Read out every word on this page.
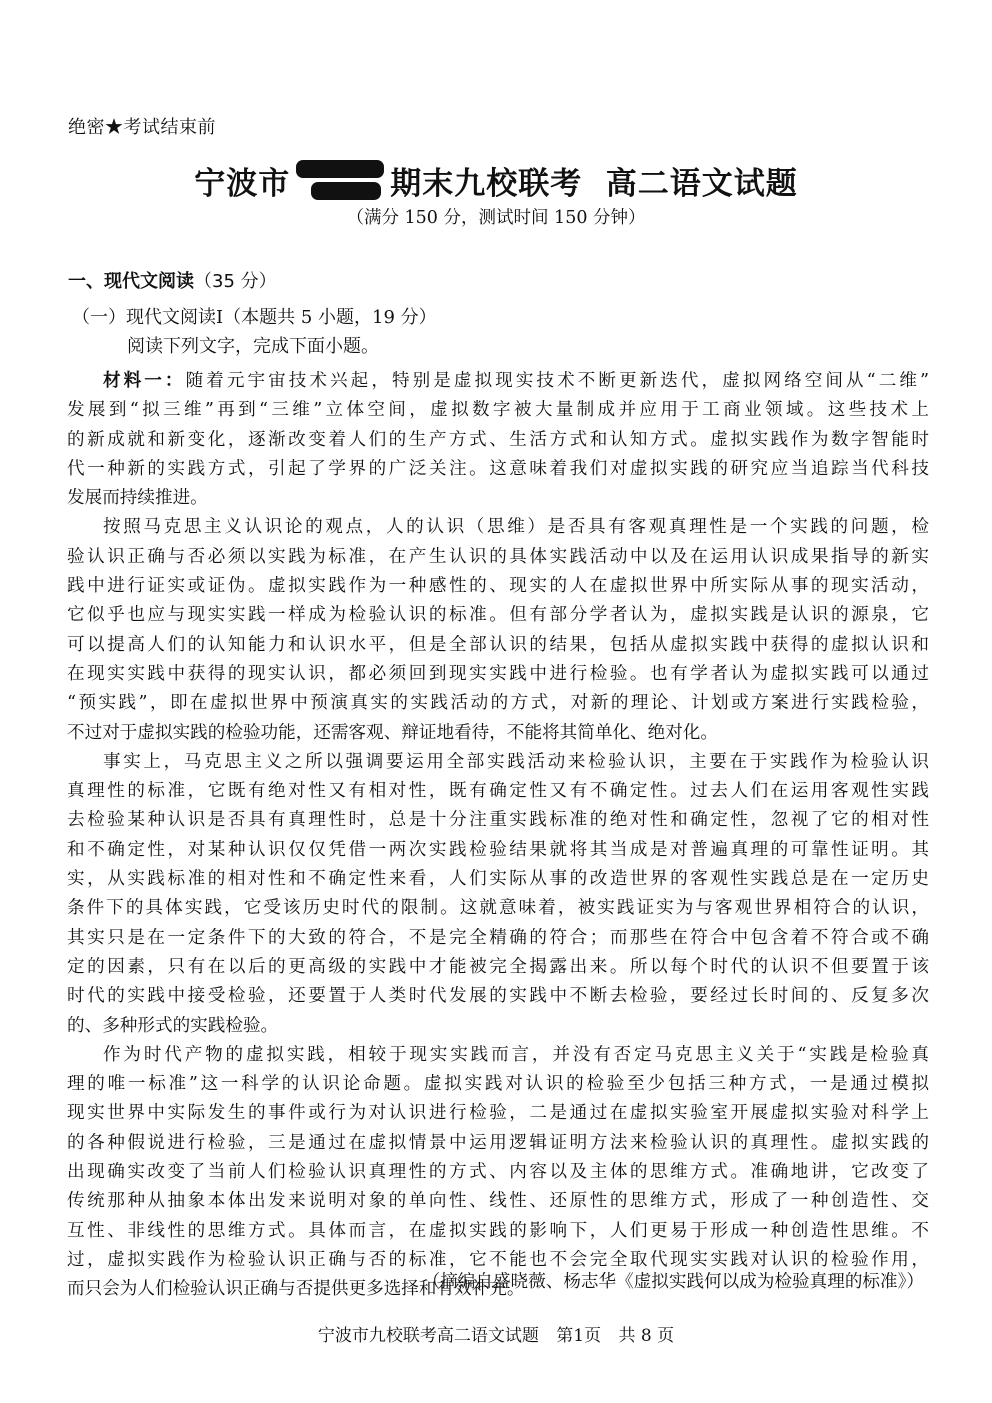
绝密★考试结束前
宁波市	期末九校联考  高二语文试题
（满分 150 分，测试时间 150 分钟）
一、现代文阅读（35 分）
（一）现代文阅读Ⅰ（本题共 5 小题，19 分）
阅读下列文字，完成下面小题。
材料一：随着元宇宙技术兴起，特别是虚拟现实技术不断更新迭代，虚拟网络空间从“二维”
发展到“拟三维”再到“三维”立体空间，虚拟数字被大量制成并应用于工商业领域。这些技术上
的新成就和新变化，逐渐改变着人们的生产方式、生活方式和认知方式。虚拟实践作为数字智能时
代一种新的实践方式，引起了学界的广泛关注。这意味着我们对虚拟实践的研究应当追踪当代科技
发展而持续推进。
按照马克思主义认识论的观点，人的认识（思维）是否具有客观真理性是一个实践的问题，检
验认识正确与否必须以实践为标准，在产生认识的具体实践活动中以及在运用认识成果指导的新实
践中进行证实或证伪。虚拟实践作为一种感性的、现实的人在虚拟世界中所实际从事的现实活动，
它似乎也应与现实实践一样成为检验认识的标准。但有部分学者认为，虚拟实践是认识的源泉，它
可以提高人们的认知能力和认识水平，但是全部认识的结果，包括从虚拟实践中获得的虚拟认识和
在现实实践中获得的现实认识，都必须回到现实实践中进行检验。也有学者认为虚拟实践可以通过
“预实践”，即在虚拟世界中预演真实的实践活动的方式，对新的理论、计划或方案进行实践检验，
不过对于虚拟实践的检验功能，还需客观、辩证地看待，不能将其简单化、绝对化。
事实上，马克思主义之所以强调要运用全部实践活动来检验认识，主要在于实践作为检验认识
真理性的标准，它既有绝对性又有相对性，既有确定性又有不确定性。过去人们在运用客观性实践
去检验某种认识是否具有真理性时，总是十分注重实践标准的绝对性和确定性，忽视了它的相对性
和不确定性，对某种认识仅仅凭借一两次实践检验结果就将其当成是对普遍真理的可靠性证明。其
实，从实践标准的相对性和不确定性来看，人们实际从事的改造世界的客观性实践总是在一定历史
条件下的具体实践，它受该历史时代的限制。这就意味着，被实践证实为与客观世界相符合的认识，
其实只是在一定条件下的大致的符合，不是完全精确的符合；而那些在符合中包含着不符合或不确
定的因素，只有在以后的更高级的实践中才能被完全揭露出来。所以每个时代的认识不但要置于该
时代的实践中接受检验，还要置于人类时代发展的实践中不断去检验，要经过长时间的、反复多次
的、多种形式的实践检验。
作为时代产物的虚拟实践，相较于现实实践而言，并没有否定马克思主义关于“实践是检验真
理的唯一标准”这一科学的认识论命题。虚拟实践对认识的检验至少包括三种方式，一是通过模拟
现实世界中实际发生的事件或行为对认识进行检验，二是通过在虚拟实验室开展虚拟实验对科学上
的各种假说进行检验，三是通过在虚拟情景中运用逻辑证明方法来检验认识的真理性。虚拟实践的
出现确实改变了当前人们检验认识真理性的方式、内容以及主体的思维方式。准确地讲，它改变了
传统那种从抽象本体出发来说明对象的单向性、线性、还原性的思维方式，形成了一种创造性、交
互性、非线性的思维方式。具体而言，在虚拟实践的影响下，人们更易于形成一种创造性思维。不
过，虚拟实践作为检验认识正确与否的标准，它不能也不会完全取代现实实践对认识的检验作用，
而只会为人们检验认识正确与否提供更多选择和有效补充。
（摘编自盛晓薇、杨志华《虚拟实践何以成为检验真理的标准》）
宁波市九校联考高二语文试题 第1页 共 8 页
